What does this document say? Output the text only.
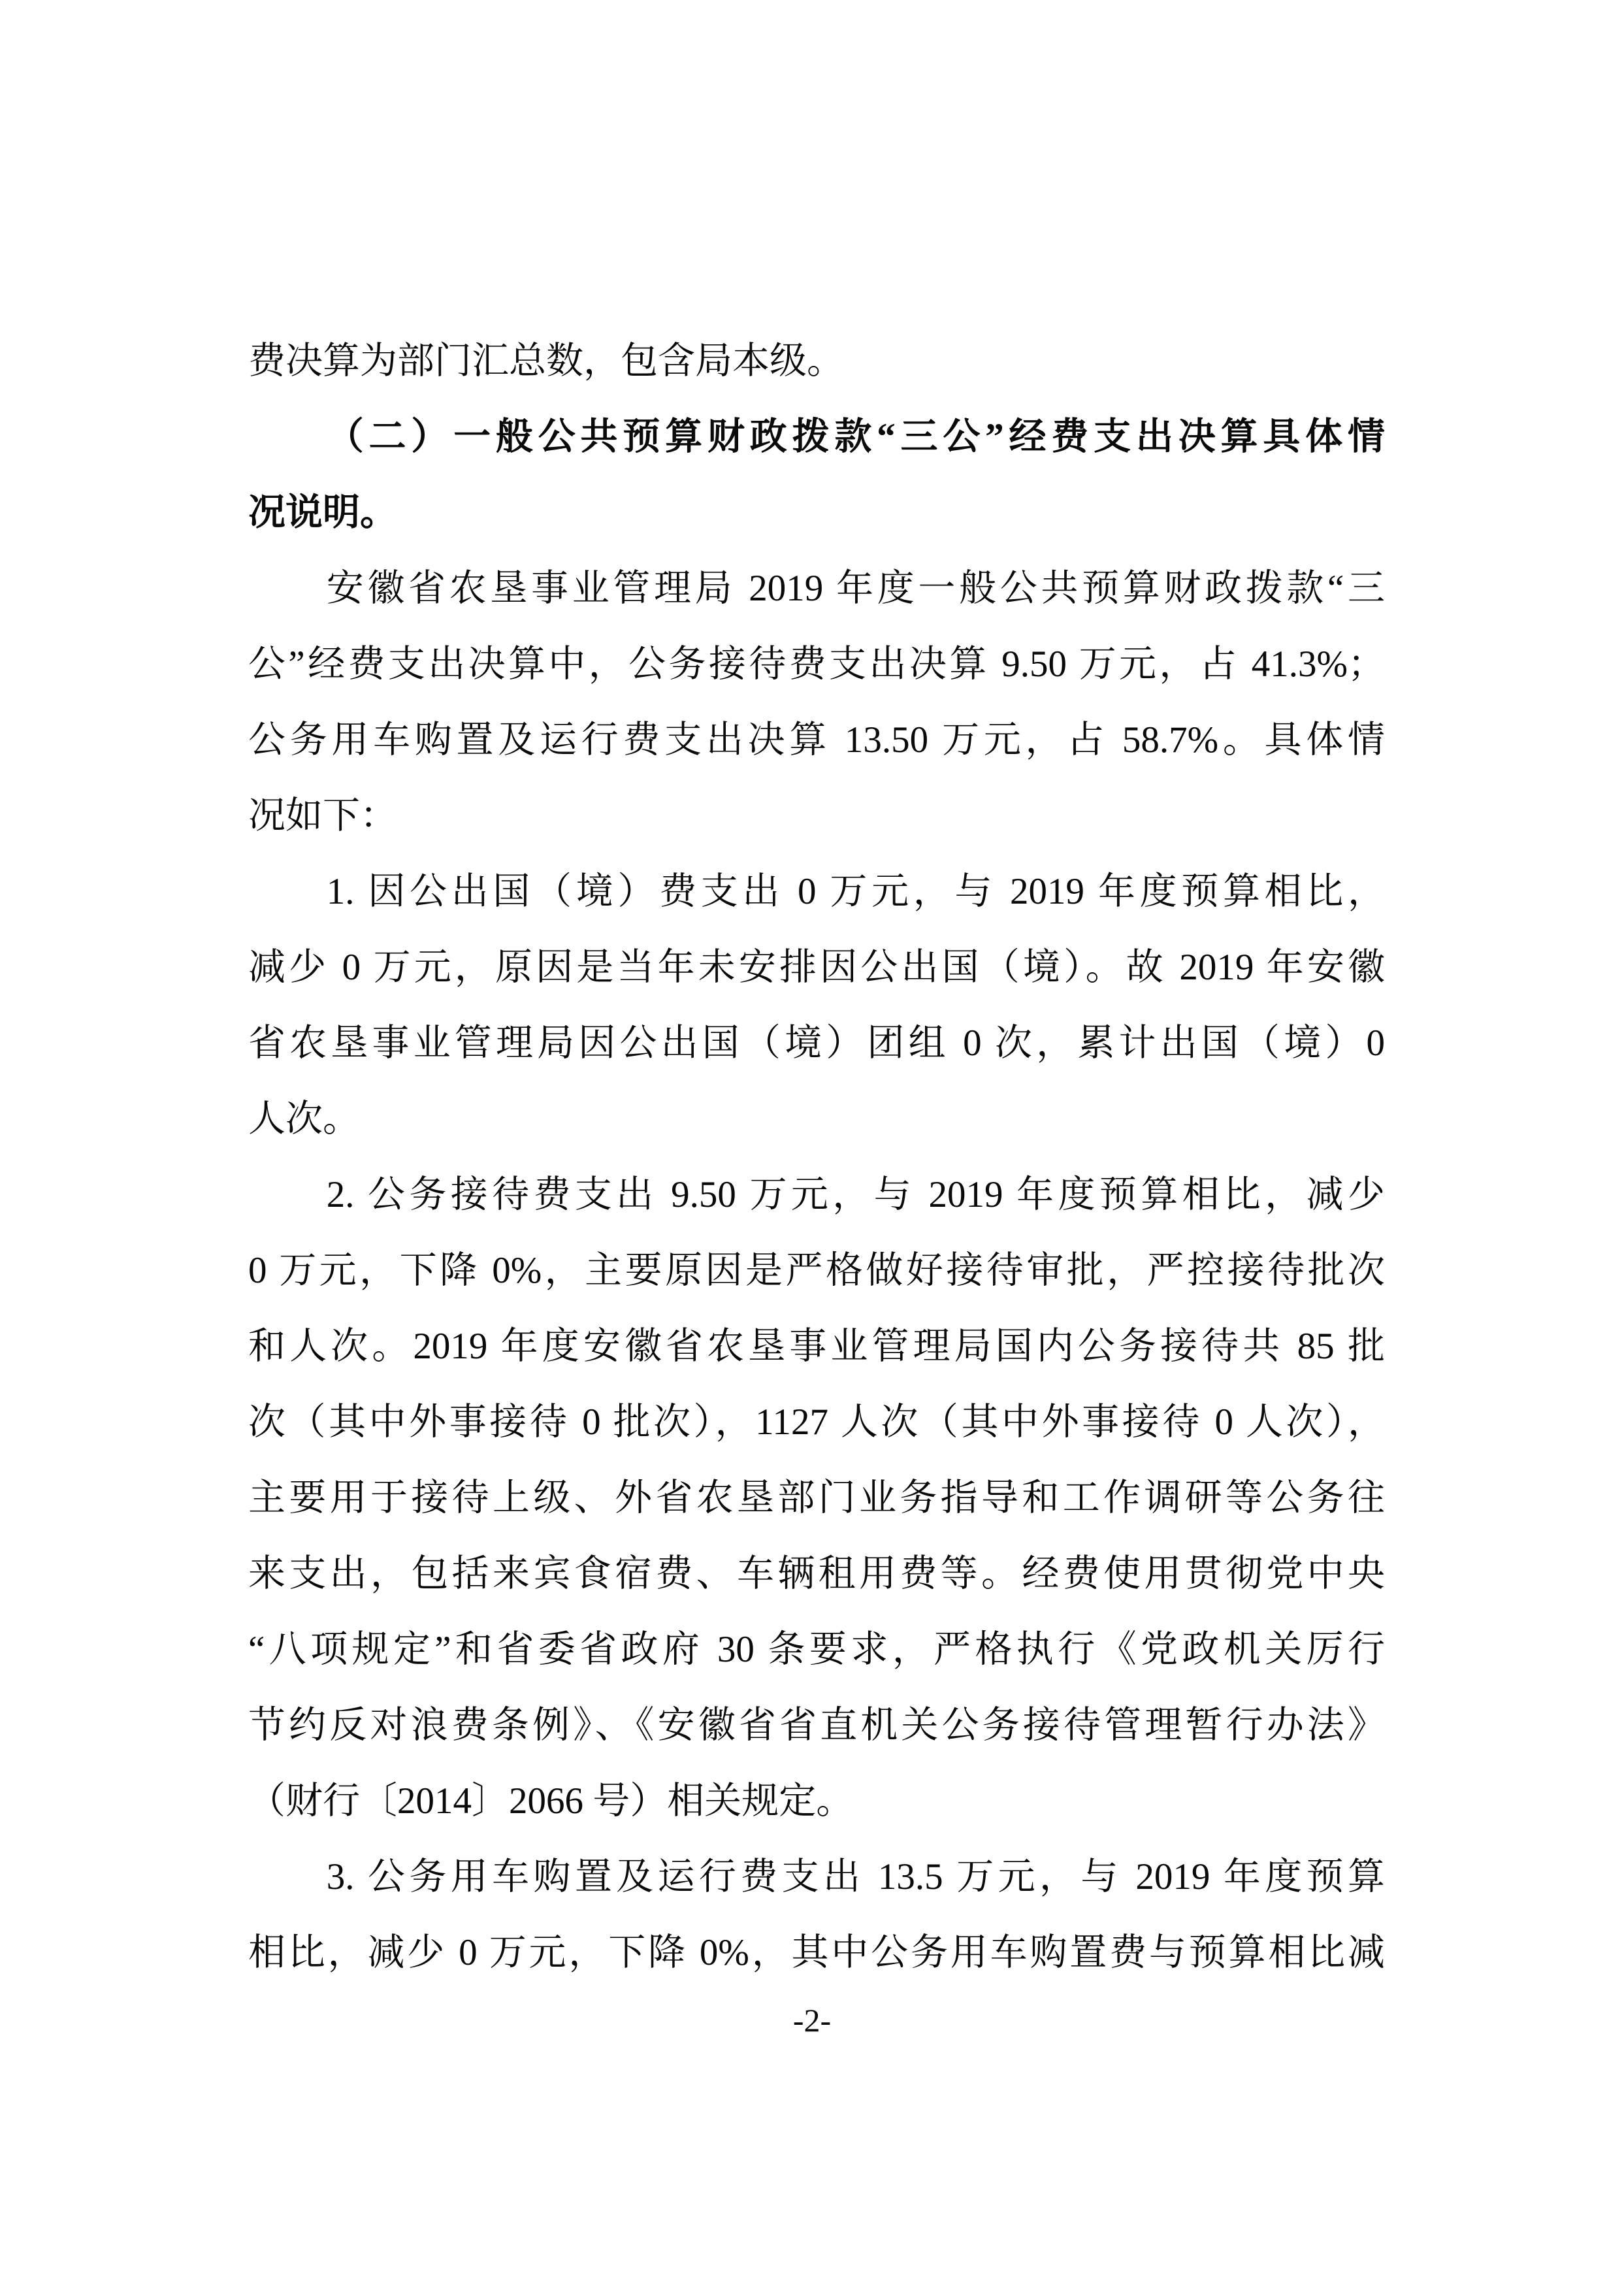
费决算为部门汇总数，包含局本级。

（二）一般公共预算财政拨款“三公”经费支出决算具体情

况说明。

安徽省农垦事业管理局 2019 年度一般公共预算财政拨款“三

公”经费支出决算中，公务接待费支出决算 9.50 万元，占 41.3%；

公务用车购置及运行费支出决算 13.50 万元，占 58.7%。具体情

况如下：

1. 因公出国（境）费支出 0 万元，与 2019 年度预算相比，

减少 0 万元，原因是当年未安排因公出国（境）。故 2019 年安徽

省农垦事业管理局因公出国（境）团组 0 次，累计出国（境）0

人次。

2. 公务接待费支出 9.50 万元，与 2019 年度预算相比，减少

0 万元，下降 0%，主要原因是严格做好接待审批，严控接待批次

和人次。2019 年度安徽省农垦事业管理局国内公务接待共 85 批

次（其中外事接待 0 批次），1127 人次（其中外事接待 0 人次），

主要用于接待上级、外省农垦部门业务指导和工作调研等公务往

来支出，包括来宾食宿费、车辆租用费等。经费使用贯彻党中央

“八项规定”和省委省政府 30 条要求，严格执行《党政机关厉行

节约反对浪费条例》、《安徽省省直机关公务接待管理暂行办法》

（财行〔2014〕2066 号）相关规定。

3. 公务用车购置及运行费支出 13.5 万元，与 2019 年度预算

相比，减少 0 万元，下降 0%，其中公务用车购置费与预算相比减

-2-
